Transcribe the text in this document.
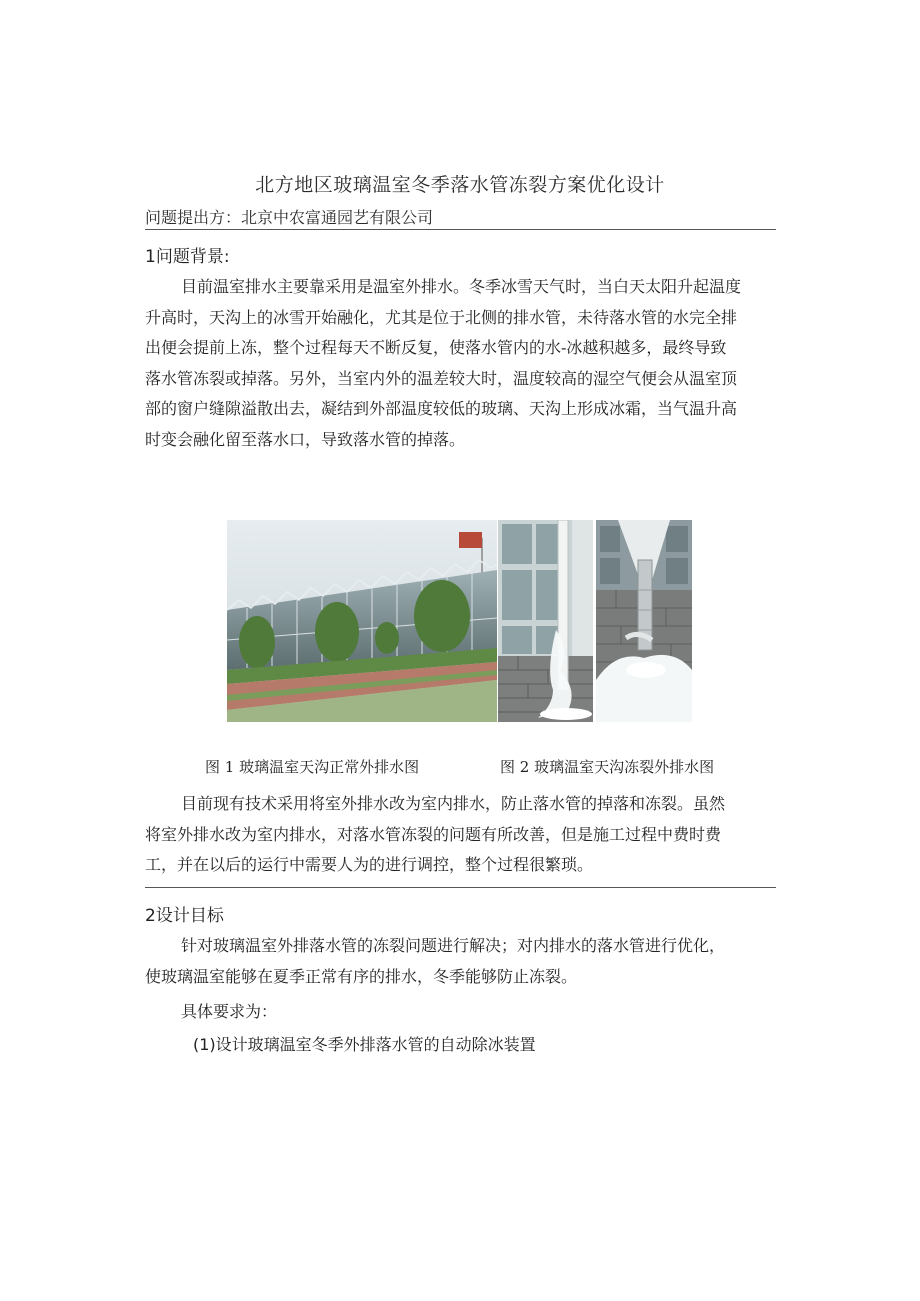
北方地区玻璃温室冬季落水管冻裂方案优化设计
问题提出方：北京中农富通园艺有限公司
1问题背景:
目前温室排水主要靠采用是温室外排水。冬季冰雪天气时，当白天太阳升起温度
升高时，天沟上的冰雪开始融化，尤其是位于北侧的排水管，未待落水管的水完全排
出便会提前上冻，整个过程每天不断反复，使落水管内的水-冰越积越多，最终导致
落水管冻裂或掉落。另外，当室内外的温差较大时，温度较高的湿空气便会从温室顶
部的窗户缝隙溢散出去，凝结到外部温度较低的玻璃、天沟上形成冰霜，当气温升高
时变会融化留至落水口，导致落水管的掉落。
图 1 玻璃温室天沟正常外排水图	图 2 玻璃温室天沟冻裂外排水图
目前现有技术采用将室外排水改为室内排水，防止落水管的掉落和冻裂。虽然
将室外排水改为室内排水，对落水管冻裂的问题有所改善，但是施工过程中费时费
工，并在以后的运行中需要人为的进行调控，整个过程很繁琐。
2设计目标
针对玻璃温室外排落水管的冻裂问题进行解决；对内排水的落水管进行优化，
使玻璃温室能够在夏季正常有序的排水，冬季能够防止冻裂。
具体要求为：
(1)设计玻璃温室冬季外排落水管的自动除冰装置
